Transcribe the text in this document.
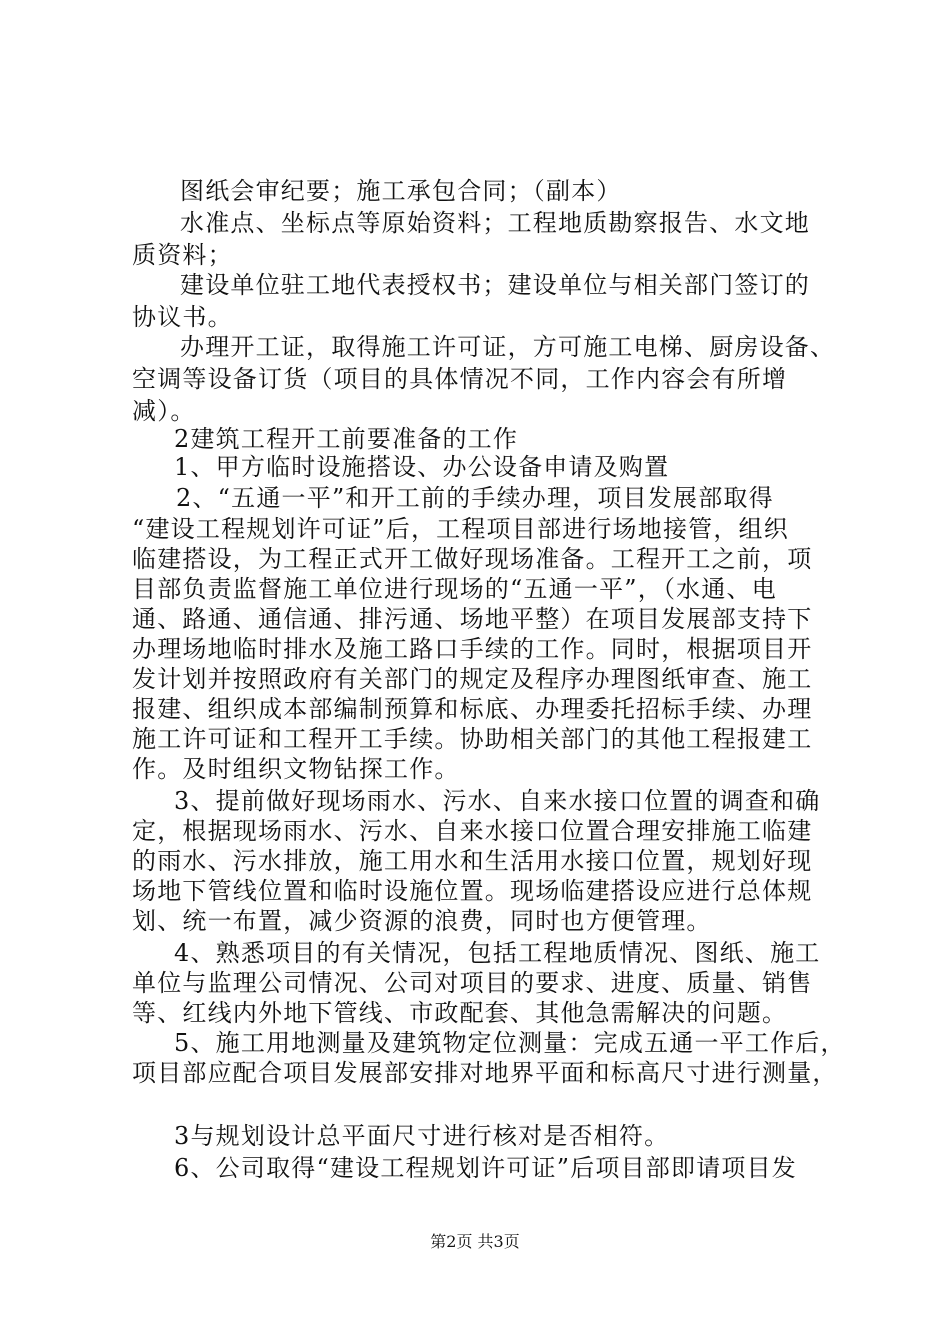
图纸会审纪要；施工承包合同；（副本）
水准点、坐标点等原始资料；工程地质勘察报告、水文地
质资料；
建设单位驻工地代表授权书；建设单位与相关部门签订的
协议书。
办理开工证，取得施工许可证，方可施工电梯、厨房设备、
空调等设备订货（项目的具体情况不同，工作内容会有所增
减）。
2建筑工程开工前要准备的工作
1、甲方临时设施搭设、办公设备申请及购置
2、“五通一平”和开工前的手续办理，项目发展部取得
“建设工程规划许可证”后，工程项目部进行场地接管，组织
临建搭设，为工程正式开工做好现场准备。工程开工之前，项
目部负责监督施工单位进行现场的“五通一平”，（水通、电
通、路通、通信通、排污通、场地平整）在项目发展部支持下
办理场地临时排水及施工路口手续的工作。同时，根据项目开
发计划并按照政府有关部门的规定及程序办理图纸审查、施工
报建、组织成本部编制预算和标底、办理委托招标手续、办理
施工许可证和工程开工手续。协助相关部门的其他工程报建工
作。及时组织文物钻探工作。
3、提前做好现场雨水、污水、自来水接口位置的调查和确
定，根据现场雨水、污水、自来水接口位置合理安排施工临建
的雨水、污水排放，施工用水和生活用水接口位置，规划好现
场地下管线位置和临时设施位置。现场临建搭设应进行总体规
划、统一布置，减少资源的浪费，同时也方便管理。
4、熟悉项目的有关情况，包括工程地质情况、图纸、施工
单位与监理公司情况、公司对项目的要求、进度、质量、销售
等、红线内外地下管线、市政配套、其他急需解决的问题。
5、施工用地测量及建筑物定位测量：完成五通一平工作后，
项目部应配合项目发展部安排对地界平面和标高尺寸进行测量，
3与规划设计总平面尺寸进行核对是否相符。
6、公司取得“建设工程规划许可证”后项目部即请项目发
第2页 共3页
